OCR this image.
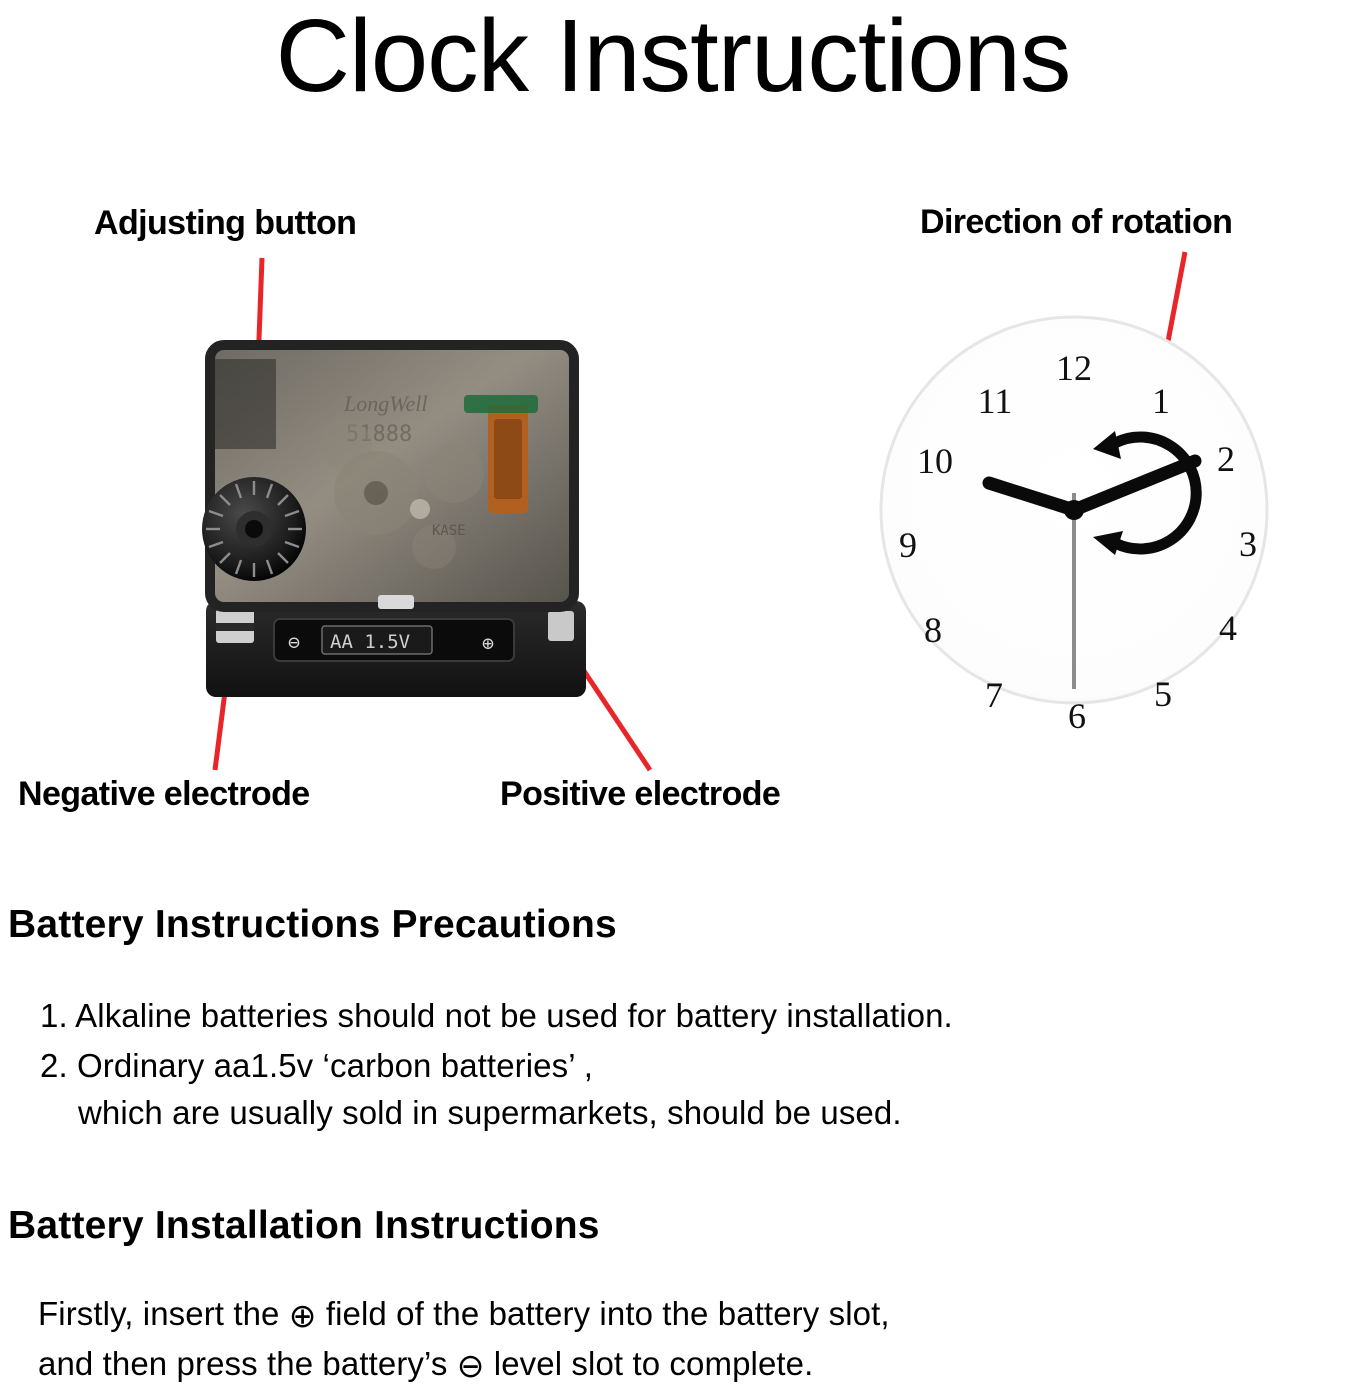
Clock Instructions
Adjusting button	Direction of rotation
Negative electrode	Positive electrode
⊖ AA 1.5V	⊕
LongWell
51888
KASE
12
1
2
3
4
5
6
7
8
9
10
11
Battery Instructions Precautions
1. Alkaline batteries should not be used for battery installation.
2. Ordinary aa1.5v ‘carbon batteries’ ,
which are usually sold in supermarkets, should be used.
Battery Installation Instructions
Firstly, insert the ⊕ field of the battery into the battery slot,
and then press the battery’s ⊖ level slot to complete.
